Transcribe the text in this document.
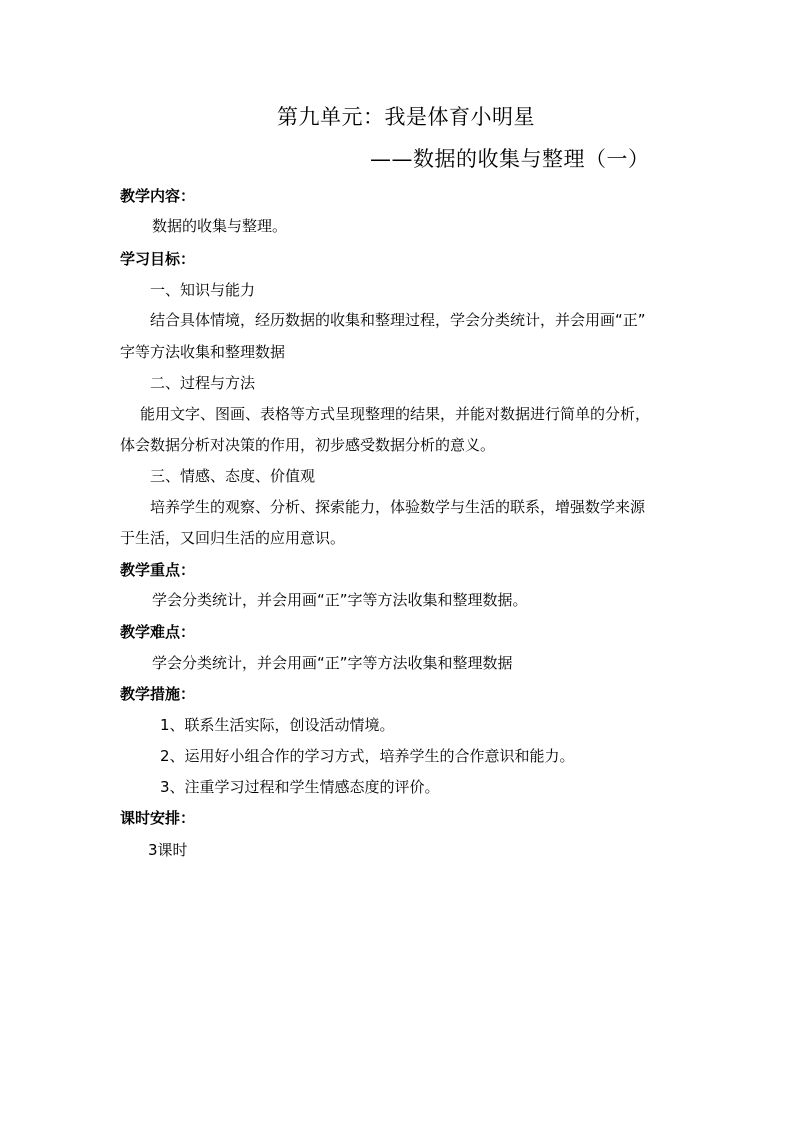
第九单元：我是体育小明星
——数据的收集与整理（一）
教学内容：
数据的收集与整理。
学习目标：
一、知识与能力
结合具体情境，经历数据的收集和整理过程，学会分类统计，并会用画“正”
字等方法收集和整理数据
二、过程与方法
能用文字、图画、表格等方式呈现整理的结果，并能对数据进行简单的分析，
体会数据分析对决策的作用，初步感受数据分析的意义。
三、情感、态度、价值观
培养学生的观察、分析、探索能力，体验数学与生活的联系，增强数学来源
于生活，又回归生活的应用意识。
教学重点：
学会分类统计，并会用画“正”字等方法收集和整理数据。
教学难点：
学会分类统计，并会用画“正”字等方法收集和整理数据
教学措施：
1、联系生活实际，创设活动情境。
2、运用好小组合作的学习方式，培养学生的合作意识和能力。
3、注重学习过程和学生情感态度的评价。
课时安排：
3课时
